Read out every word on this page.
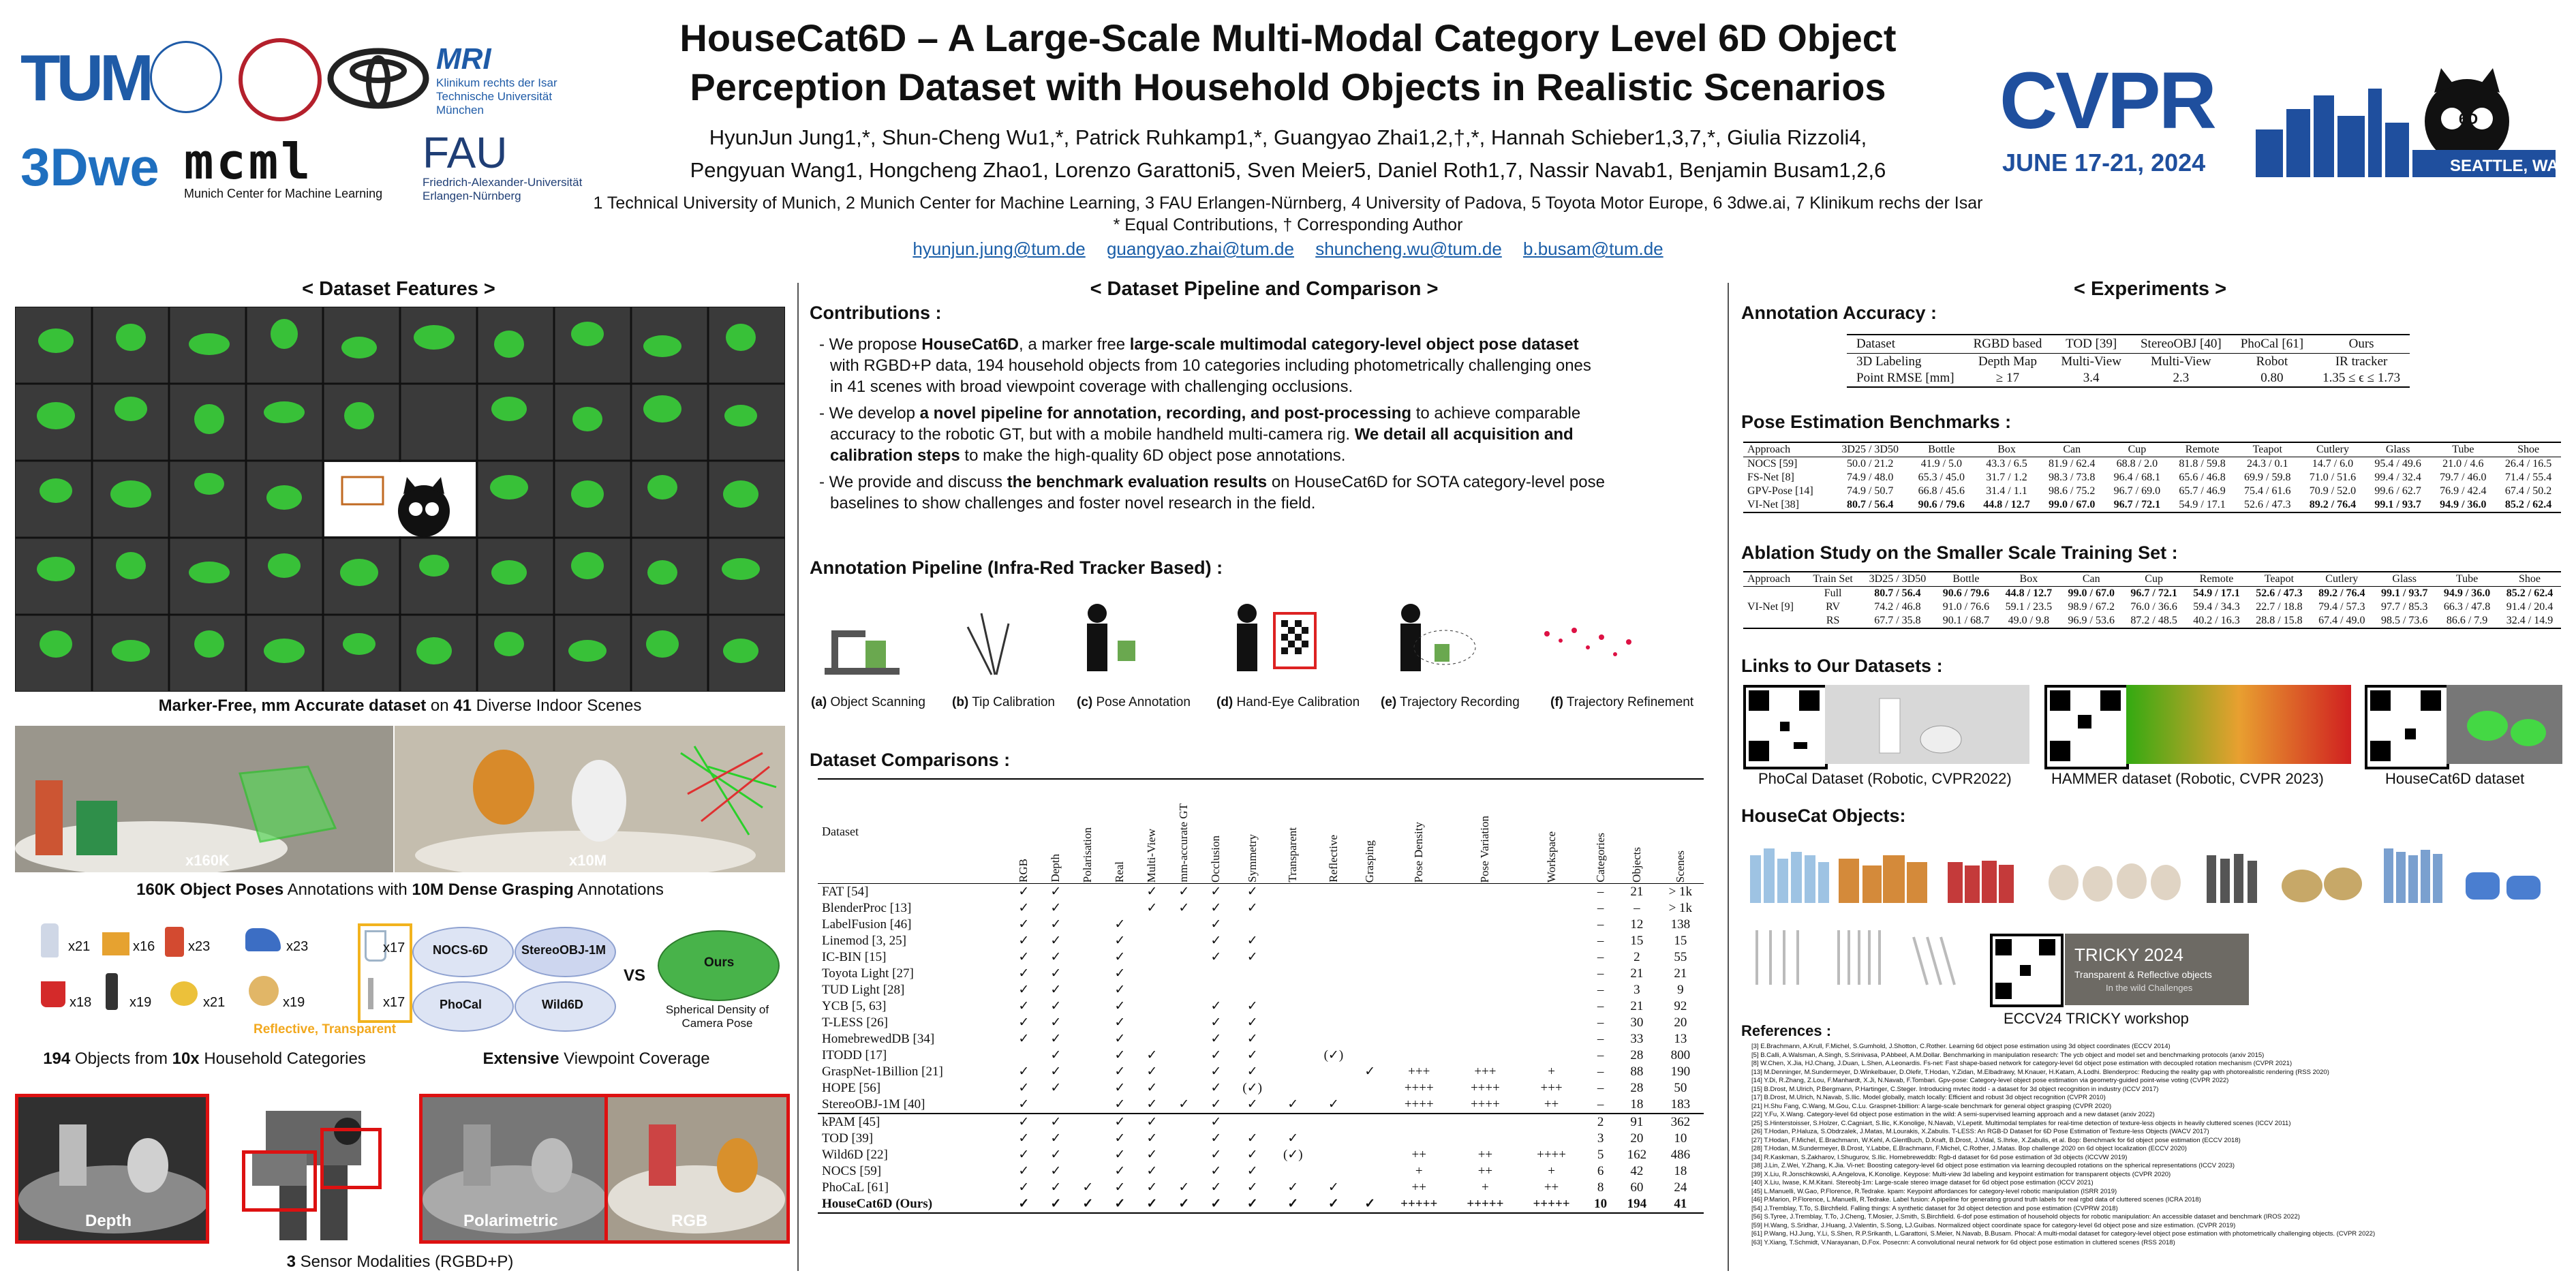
TUM	MRI
Klinikum rechts der Isar
Technische Universität München
3Dwe mcml
Munich Center for Machine Learning
FAU
Friedrich-Alexander-Universität
Erlangen-Nürnberg
HouseCat6D – A Large-Scale Multi-Modal Category Level 6D Object
Perception Dataset with Household Objects in Realistic Scenarios
HyunJun Jung1,*, Shun-Cheng Wu1,*, Patrick Ruhkamp1,*, Guangyao Zhai1,2,†,*, Hannah Schieber1,3,7,*, Giulia Rizzoli4,
Pengyuan Wang1, Hongcheng Zhao1, Lorenzo Garattoni5, Sven Meier5, Daniel Roth1,7, Nassir Navab1, Benjamin Busam1,2,6
1 Technical University of Munich, 2 Munich Center for Machine Learning, 3 FAU Erlangen-Nürnberg, 4 University of Padova, 5 Toyota Motor Europe, 6 3dwe.ai, 7 Klinikum rechs der Isar
* Equal Contributions, † Corresponding Author
hyunjun.jung@tum.de guangyao.zhai@tum.de shuncheng.wu@tum.de b.busam@tum.de
CVPR
JUNE 17-21, 2024
6D
SEATTLE, WA
< Dataset Features >
Marker-Free, mm Accurate dataset on 41 Diverse Indoor Scenes
x160K	x10M
160K Object Poses Annotations with 10M Dense Grasping Annotations
x21	x16 x23
x18	x19	x21
x23
x19
x17
x17
Reflective, Transparent
NOCS-6D	StereoOBJ-1M
PhoCal	Wild6D
VS
Ours
Spherical Density of
Camera Pose
194 Objects from 10x Household Categories	Extensive Viewpoint Coverage
Depth	Polarimetric	RGB
3 Sensor Modalities (RGBD+P)
< Dataset Pipeline and Comparison >
Contributions :
- We propose HouseCat6D, a marker free large-scale multimodal category-level object pose dataset
with RGBD+P data, 194 household objects from 10 categories including photometrically challenging ones
in 41 scenes with broad viewpoint coverage with challenging occlusions.
- We develop a novel pipeline for annotation, recording, and post-processing to achieve comparable
accuracy to the robotic GT, but with a mobile handheld multi-camera rig. We detail all acquisition and
calibration steps to make the high-quality 6D object pose annotations.
- We provide and discuss the benchmark evaluation results on HouseCat6D for SOTA category-level pose
baselines to show challenges and foster novel research in the field.
Annotation Pipeline (Infra-Red Tracker Based) :
(a) Object Scanning (b) Tip Calibration (c) Pose Annotation (d) Hand-Eye Calibration (e) Trajectory Recording (f) Trajectory Refinement
Dataset Comparisons :
Dataset	RGB	Depth	Polarisation	Real	Multi-View	mm-accurate GT	Occlusion	Symmetry	Transparent	Reflective	Grasping	Pose Density	Pose Variation	Workspace	Categories	Objects	Scenes

FAT [54]	✓	✓			✓	✓	✓	✓							–	21	> 1k
BlenderProc [13]	✓	✓			✓	✓	✓	✓							–	–	> 1k
LabelFusion [46]	✓	✓		✓			✓								–	12	138
Linemod [3, 25]	✓	✓		✓			✓	✓							–	15	15
IC-BIN [15]	✓	✓		✓			✓	✓							–	2	55
Toyota Light [27]	✓	✓		✓											–	21	21
TUD Light [28]	✓	✓		✓											–	3	9
YCB [5, 63]	✓	✓		✓			✓	✓							–	21	92
T-LESS [26]	✓	✓		✓			✓	✓							–	30	20
HomebrewedDB [34]	✓	✓		✓			✓	✓							–	33	13
ITODD [17]		✓		✓	✓		✓	✓		(✓)					–	28	800
GraspNet-1Billion [21]	✓	✓		✓	✓		✓	✓			✓	+++	+++	+	–	88	190
HOPE [56]	✓	✓		✓	✓		✓	(✓)				++++	++++	+++	–	28	50
StereoOBJ-1M [40]	✓			✓	✓	✓	✓	✓	✓	✓		++++	++++	++	–	18	183
kPAM [45]	✓	✓		✓	✓		✓								2	91	362
TOD [39]	✓	✓		✓	✓		✓	✓	✓						3	20	10
Wild6D [22]	✓	✓		✓	✓		✓	✓	(✓)			++	++	++++	5	162	486
NOCS [59]	✓	✓		✓	✓		✓	✓				+	++	+	6	42	18
PhoCaL [61]	✓	✓	✓	✓	✓	✓	✓	✓	✓	✓		++	+	++	8	60	24
HouseCat6D (Ours)	✓	✓	✓	✓	✓	✓	✓	✓	✓	✓	✓	+++++	+++++	+++++	10	194	41
< Experiments >
Annotation Accuracy :
Dataset	RGBD based	TOD [39]	StereoOBJ [40]	PhoCal [61]	Ours
3D Labeling	Depth Map	Multi-View	Multi-View	Robot	IR tracker
Point RMSE [mm]	≥ 17	3.4	2.3	0.80	1.35 ≤ ϵ ≤ 1.73
Pose Estimation Benchmarks :
Approach	3D25 / 3D50	Bottle	Box	Can	Cup	Remote	Teapot	Cutlery	Glass	Tube	Shoe
NOCS [59]	50.0 / 21.2	41.9 / 5.0	43.3 / 6.5	81.9 / 62.4	68.8 / 2.0	81.8 / 59.8	24.3 / 0.1	14.7 / 6.0	95.4 / 49.6	21.0 / 4.6	26.4 / 16.5
FS-Net [8]	74.9 / 48.0	65.3 / 45.0	31.7 / 1.2	98.3 / 73.8	96.4 / 68.1	65.6 / 46.8	69.9 / 59.8	71.0 / 51.6	99.4 / 32.4	79.7 / 46.0	71.4 / 55.4
GPV-Pose [14]	74.9 / 50.7	66.8 / 45.6	31.4 / 1.1	98.6 / 75.2	96.7 / 69.0	65.7 / 46.9	75.4 / 61.6	70.9 / 52.0	99.6 / 62.7	76.9 / 42.4	67.4 / 50.2
VI-Net [38]	80.7 / 56.4	90.6 / 79.6	44.8 / 12.7	99.0 / 67.0	96.7 / 72.1	54.9 / 17.1	52.6 / 47.3	89.2 / 76.4	99.1 / 93.7	94.9 / 36.0	85.2 / 62.4
Ablation Study on the Smaller Scale Training Set :
Approach	Train Set	3D25 / 3D50	Bottle	Box	Can	Cup	Remote	Teapot	Cutlery	Glass	Tube	Shoe
VI-Net [9]	Full	80.7 / 56.4	90.6 / 79.6	44.8 / 12.7	99.0 / 67.0	96.7 / 72.1	54.9 / 17.1	52.6 / 47.3	89.2 / 76.4	99.1 / 93.7	94.9 / 36.0	85.2 / 62.4
	RV	74.2 / 46.8	91.0 / 76.6	59.1 / 23.5	98.9 / 67.2	76.0 / 36.6	59.4 / 34.3	22.7 / 18.8	79.4 / 57.3	97.7 / 85.3	66.3 / 47.8	91.4 / 20.4
	RS	67.7 / 35.8	90.1 / 68.7	49.0 / 9.8	96.9 / 53.6	87.2 / 48.5	40.2 / 16.3	28.8 / 15.8	67.4 / 49.0	98.5 / 73.6	86.6 / 7.9	32.4 / 14.9
Links to Our Datasets :
PhoCal Dataset (Robotic, CVPR2022)	HAMMER dataset (Robotic, CVPR 2023)	HouseCat6D dataset
HouseCat Objects:
TRICKY 2024
Transparent & Reflective objects
In the wild Challenges
ECCV24 TRICKY workshop
References :
[3] E.Brachmann, A.Krull, F.Michel, S.Gumhold, J.Shotton, C.Rother. Learning 6d object pose estimation using 3d object coordinates (ECCV 2014)
[5] B.Calli, A.Walsman, A.Singh, S.Srinivasa, P.Abbeel, A.M.Dollar. Benchmarking in manipulation research: The ycb object and model set and benchmarking protocols (arxiv 2015)
[8] W.Chen, X.Jia, HJ.Chang, J.Duan, L.Shen, A.Leonardis. Fs-net: Fast shape-based network for category-level 6d object pose estimation with decoupled rotation mechanism (CVPR 2021)
[13] M.Denninger, M.Sundermeyer, D.Winkelbauer, D.Olefir, T.Hodan, Y.Zidan, M.Elbadrawy, M.Knauer, H.Katam, A.Lodhi. Blenderproc: Reducing the reality gap with photorealistic rendering (RSS 2020)
[14] Y.Di, R.Zhang, Z.Lou, F.Manhardt, X.Ji, N.Navab, F.Tombari. Gpv-pose: Category-level object pose estimation via geometry-guided point-wise voting (CVPR 2022)
[15] B.Drost, M.Ulrich, P.Bergmann, P.Hartinger, C.Steger. Introducing mvtec itodd - a dataset for 3d object recognition in industry (ICCV 2017)
[17] B.Drost, M.Ulrich, N.Navab, S.Ilic. Model globally, match locally: Efficient and robust 3d object recognition (CVPR 2010)
[21] H.Shu Fang, C.Wang, M.Gou, C.Lu. Graspnet-1billion: A large-scale benchmark for general object grasping (CVPR 2020)
[22] Y.Fu, X.Wang. Category-level 6d object pose estimation in the wild: A semi-supervised learning approach and a new dataset (arxiv 2022)
[25] S.Hinterstoisser, S.Holzer, C.Cagniart, S.Ilic, K.Konolige, N.Navab, V.Lepetit. Multimodal templates for real-time detection of texture-less objects in heavily cluttered scenes (ICCV 2011)
[26] T.Hodan, P.Haluza, S.Obdrzalek, J.Matas, M.Lourakis, X.Zabulis. T-LESS: An RGB-D Dataset for 6D Pose Estimation of Texture-less Objects (WACV 2017)
[27] T.Hodan, F.Michel, E.Brachmann, W.Kehl, A.GlentBuch, D.Kraft, B.Drost, J.Vidal, S.Ihrke, X.Zabulis, et al. Bop: Benchmark for 6d object pose estimation (ECCV 2018)
[28] T.Hodan, M.Sundermeyer, B.Drost, Y.Labbe, E.Brachmann, F.Michel, C.Rother, J.Matas. Bop challenge 2020 on 6d object localization (ECCV 2020)
[34] R.Kaskman, S.Zakharov, I.Shugurov, S.Ilic. Homebreweddb: Rgb-d dataset for 6d pose estimation of 3d objects (ICCVW 2019)
[38] J.Lin, Z.Wei, Y.Zhang, K.Jia. Vi-net: Boosting category-level 6d object pose estimation via learning decoupled rotations on the spherical representations (ICCV 2023)
[39] X.Liu, R.Jonschkowski, A.Angelova, K.Konolige. Keypose: Multi-view 3d labeling and keypoint estimation for transparent objects (CVPR 2020)
[40] X.Liu, Iwase, K.M.Kitani. Stereobj-1m: Large-scale stereo image dataset for 6d object pose estimation (ICCV 2021)
[45] L.Manuelli, W.Gao, P.Florence, R.Tedrake. kpam: Keypoint affordances for category-level robotic manipulation (ISRR 2019)
[46] P.Marion, P.Florence, L.Manuelli, R.Tedrake. Label fusion: A pipeline for generating ground truth labels for real rgbd data of cluttered scenes (ICRA 2018)
[54] J.Tremblay, T.To, S.Birchfield. Falling things: A synthetic dataset for 3d object detection and pose estimation (CVPRW 2018)
[56] S.Tyree, J.Tremblay, T.To, J.Cheng, T.Mosier, J.Smith, S.Birchfield. 6-dof pose estimation of household objects for robotic manipulation: An accessible dataset and benchmark (IROS 2022)
[59] H.Wang, S.Sridhar, J.Huang, J.Valentin, S.Song, LJ.Guibas. Normalized object coordinate space for category-level 6d object pose and size estimation. (CVPR 2019)
[61] P.Wang, HJ.Jung, Y.Li, S.Shen, R.P.Srikanth, L.Garattoni, S.Meier, N.Navab, B.Busam. Phocal: A multi-modal dataset for category-level object pose estimation with photometrically challenging objects. (CVPR 2022)
[63] Y.Xiang, T.Schmidt, V.Narayanan, D.Fox. Posecnn: A convolutional neural network for 6d object pose estimation in cluttered scenes (RSS 2018)
